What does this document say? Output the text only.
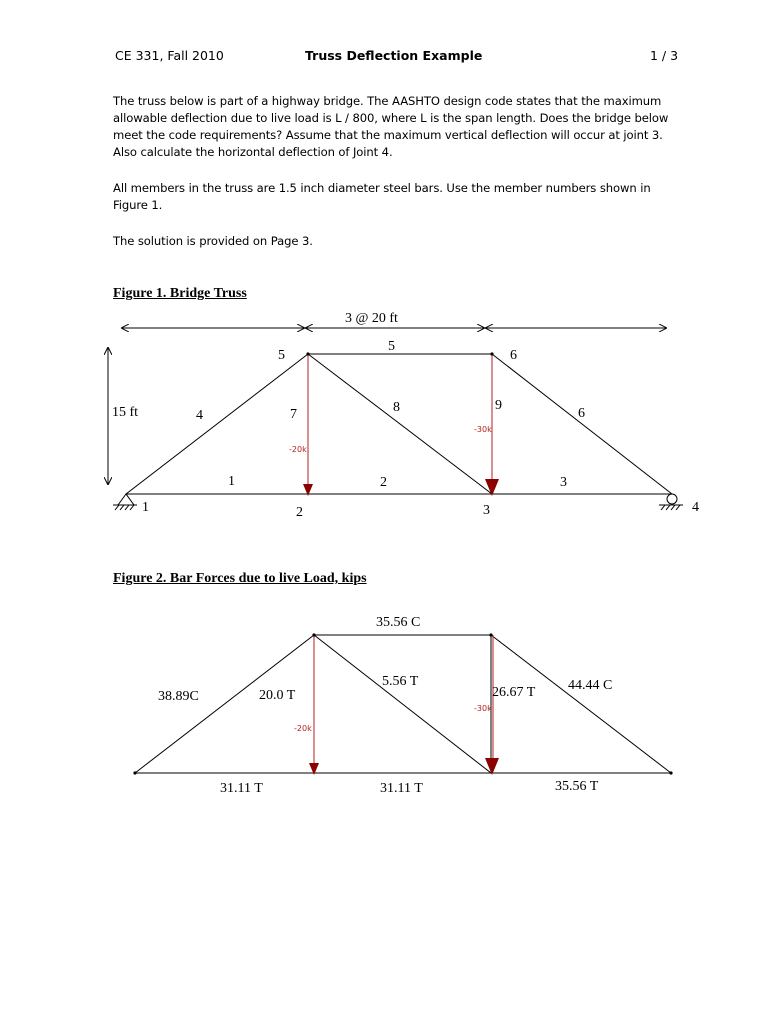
CE 331, Fall 2010	Truss Deflection Example	1 / 3
The truss below is part of a highway bridge. The AASHTO design code states that the maximum allowable deflection due to live load is L / 800, where L is the span length. Does the bridge below meet the code requirements? Assume that the maximum vertical deflection will occur at joint 3. Also calculate the horizontal deflection of Joint 4.
All members in the truss are 1.5 inch diameter steel bars. Use the member numbers shown in Figure 1.
The solution is provided on Page 3.
Figure 1. Bridge Truss
Figure 2. Bar Forces due to live Load, kips
3 @ 20 ft
15 ft
1	2	3	4
5	6
1	2	3
4
5
6
7	8	9
-20k
-30k
35.56 C
38.89C	20.0 T
5.56 T
26.67 T 44.44 C
31.11 T	31.11 T	35.56 T
-20k
-30k
